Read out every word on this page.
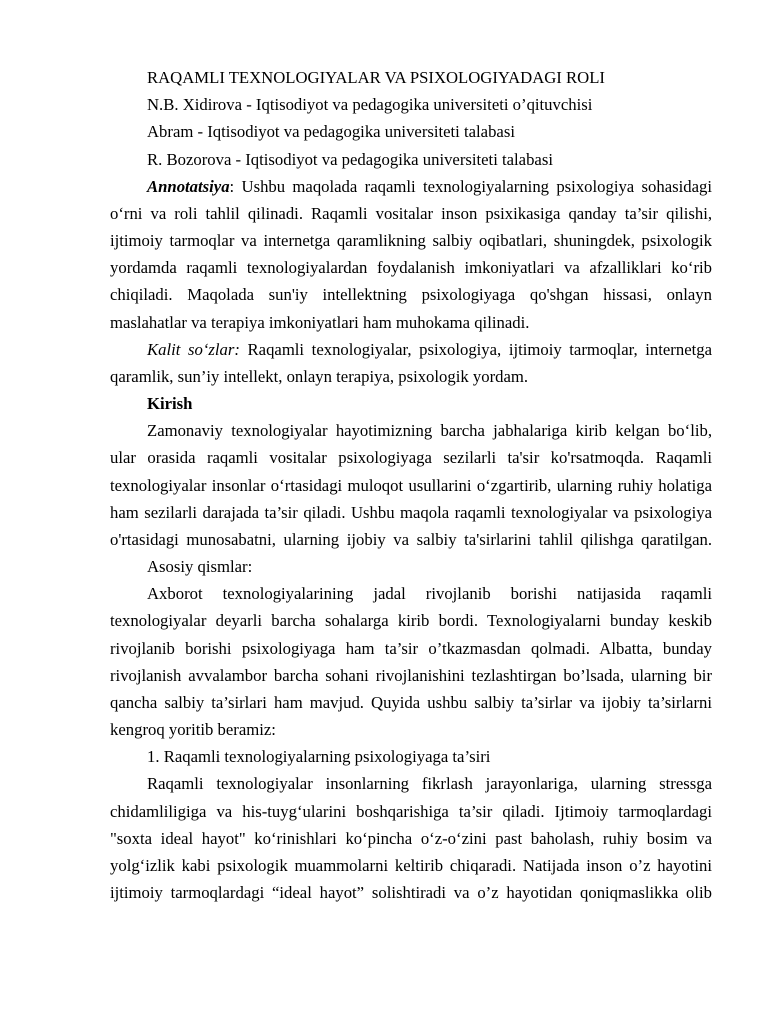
RAQAMLI TEXNOLOGIYALAR VA PSIXOLOGIYADAGI ROLI
N.B. Xidirova - Iqtisodiyot va pedagogika universiteti o’qituvchisi
Abram - Iqtisodiyot va pedagogika universiteti talabasi
R. Bozorova - Iqtisodiyot va pedagogika universiteti talabasi
Annotatsiya: Ushbu maqolada raqamli texnologiyalarning psixologiya sohasidagi
o‘rni va roli tahlil qilinadi. Raqamli vositalar inson psixikasiga qanday ta’sir qilishi,
ijtimoiy tarmoqlar va internetga qaramlikning salbiy oqibatlari, shuningdek, psixologik
yordamda raqamli texnologiyalardan foydalanish imkoniyatlari va afzalliklari ko‘rib
chiqiladi. Maqolada sun'iy intellektning psixologiyaga qo'shgan hissasi, onlayn
maslahatlar va terapiya imkoniyatlari ham muhokama qilinadi.
Kalit so‘zlar: Raqamli texnologiyalar, psixologiya, ijtimoiy tarmoqlar, internetga
qaramlik, sun’iy intellekt, onlayn terapiya, psixologik yordam.
Kirish
Zamonaviy texnologiyalar hayotimizning barcha jabhalariga kirib kelgan bo‘lib,
ular orasida raqamli vositalar psixologiyaga sezilarli ta'sir ko'rsatmoqda. Raqamli
texnologiyalar insonlar o‘rtasidagi muloqot usullarini o‘zgartirib, ularning ruhiy holatiga
ham sezilarli darajada ta’sir qiladi. Ushbu maqola raqamli texnologiyalar va psixologiya
o'rtasidagi munosabatni, ularning ijobiy va salbiy ta'sirlarini tahlil qilishga qaratilgan.
Asosiy qismlar:
Axborot texnologiyalarining jadal rivojlanib borishi natijasida raqamli
texnologiyalar deyarli barcha sohalarga kirib bordi. Texnologiyalarni bunday keskib
rivojlanib borishi psixologiyaga ham ta’sir o’tkazmasdan qolmadi. Albatta, bunday
rivojlanish avvalambor barcha sohani rivojlanishini tezlashtirgan bo’lsada, ularning bir
qancha salbiy ta’sirlari ham mavjud. Quyida ushbu salbiy ta’sirlar va ijobiy ta’sirlarni
kengroq yoritib beramiz:
1. Raqamli texnologiyalarning psixologiyaga ta’siri
Raqamli texnologiyalar insonlarning fikrlash jarayonlariga, ularning stressga
chidamliligiga va his-tuyg‘ularini boshqarishiga ta’sir qiladi. Ijtimoiy tarmoqlardagi
"soxta ideal hayot" ko‘rinishlari ko‘pincha o‘z-o‘zini past baholash, ruhiy bosim va
yolg‘izlik kabi psixologik muammolarni keltirib chiqaradi. Natijada inson o’z hayotini
ijtimoiy tarmoqlardagi “ideal hayot” solishtiradi va o’z hayotidan qoniqmaslikka olib
